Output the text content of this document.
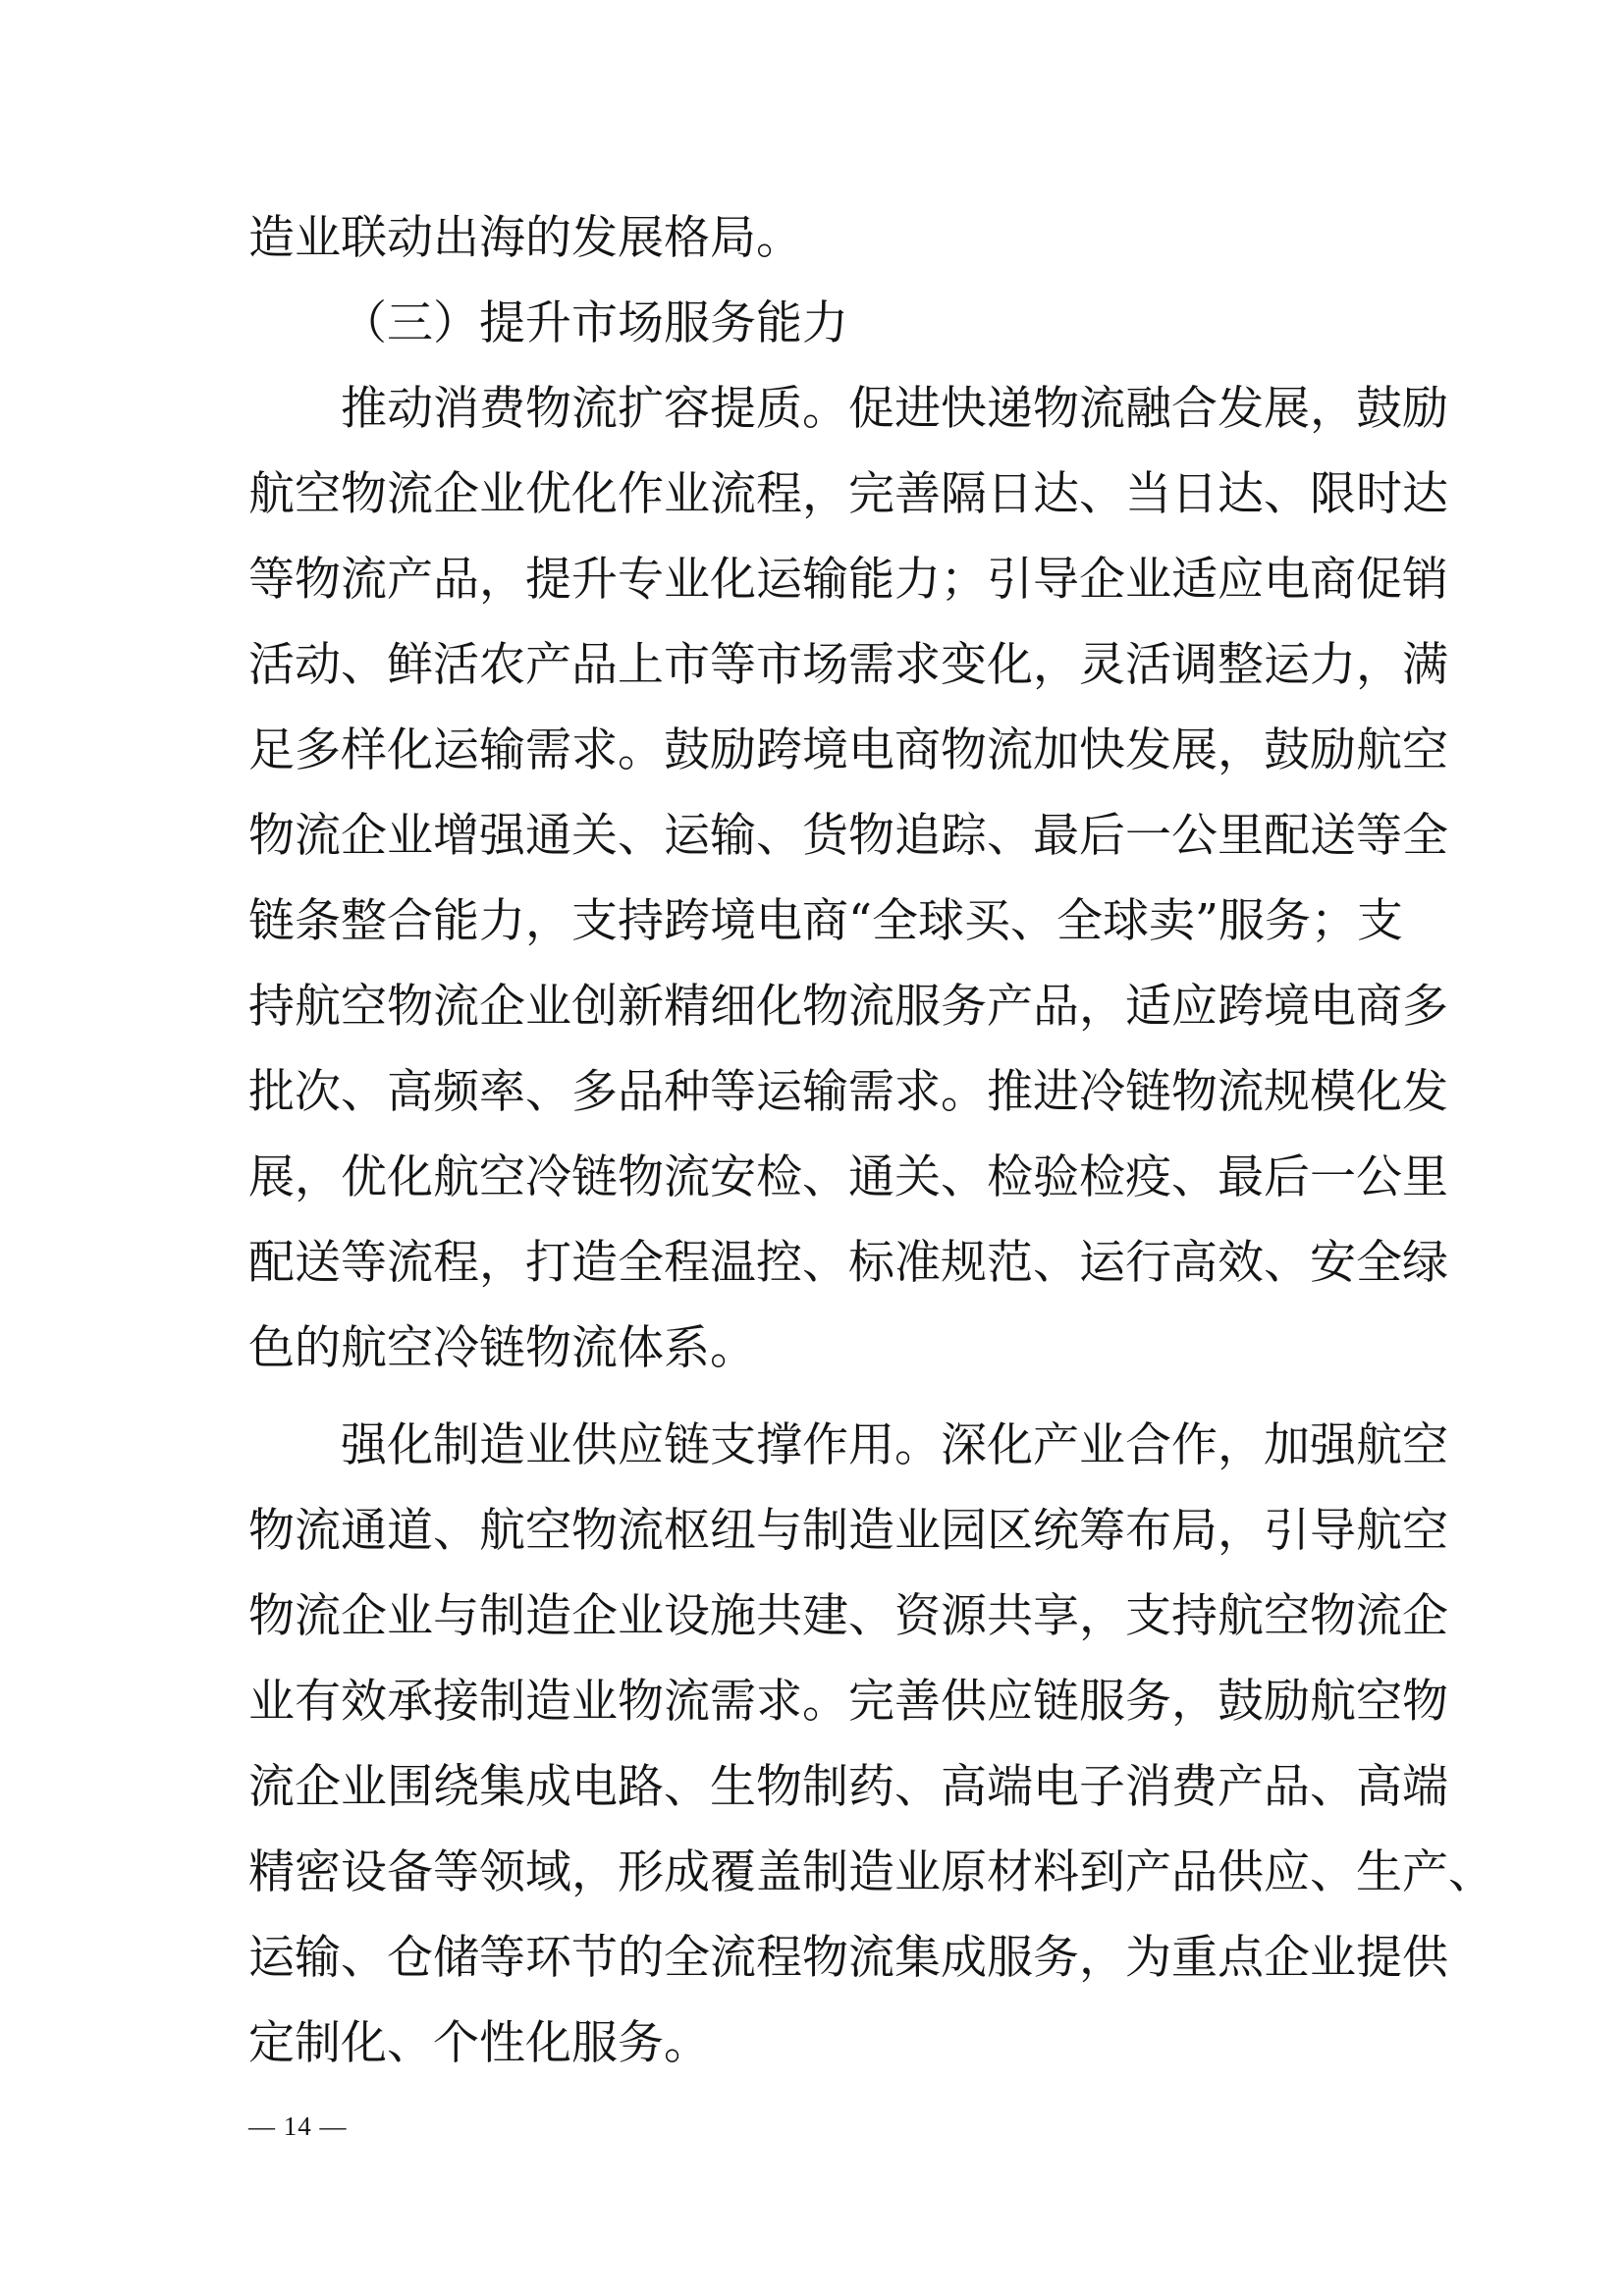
造业联动出海的发展格局。
（三）提升市场服务能力
推动消费物流扩容提质。促进快递物流融合发展，鼓励
航空物流企业优化作业流程，完善隔日达、当日达、限时达
等物流产品，提升专业化运输能力；引导企业适应电商促销
活动、鲜活农产品上市等市场需求变化，灵活调整运力，满
足多样化运输需求。鼓励跨境电商物流加快发展，鼓励航空
物流企业增强通关、运输、货物追踪、最后一公里配送等全
链条整合能力，支持跨境电商“全球买、全球卖”服务；支
持航空物流企业创新精细化物流服务产品，适应跨境电商多
批次、高频率、多品种等运输需求。推进冷链物流规模化发
展，优化航空冷链物流安检、通关、检验检疫、最后一公里
配送等流程，打造全程温控、标准规范、运行高效、安全绿
色的航空冷链物流体系。
强化制造业供应链支撑作用。深化产业合作，加强航空
物流通道、航空物流枢纽与制造业园区统筹布局，引导航空
物流企业与制造企业设施共建、资源共享，支持航空物流企
业有效承接制造业物流需求。完善供应链服务，鼓励航空物
流企业围绕集成电路、生物制药、高端电子消费产品、高端
精密设备等领域，形成覆盖制造业原材料到产品供应、生产、
运输、仓储等环节的全流程物流集成服务，为重点企业提供
定制化、个性化服务。
— 14 —
